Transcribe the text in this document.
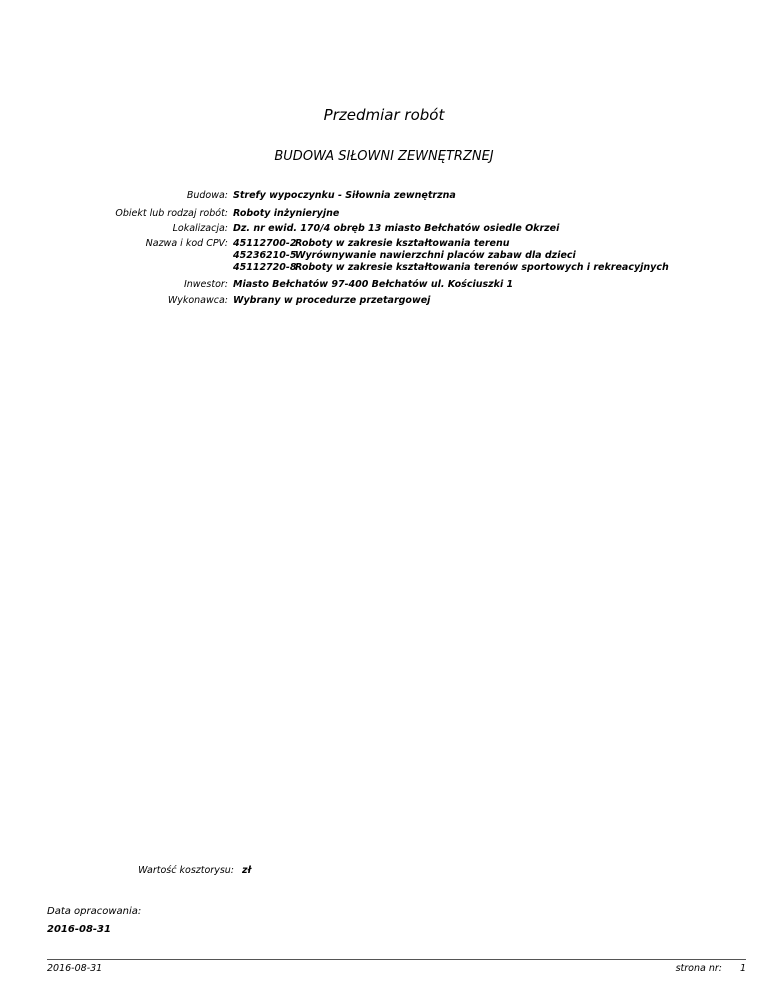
Przedmiar robót
BUDOWA SIŁOWNI ZEWNĘTRZNEJ
Budowa: Strefy wypoczynku - Siłownia zewnętrzna
Obiekt lub rodzaj robót: Roboty inżynieryjne
Lokalizacja: Dz. nr ewid. 170/4 obręb 13 miasto Bełchatów osiedle Okrzei
Nazwa i kod CPV: 45112700-2Roboty w zakresie kształtowania terenu
45236210-5Wyrównywanie nawierzchni placów zabaw dla dzieci
45112720-8Roboty w zakresie kształtowania terenów sportowych i rekreacyjnych
Inwestor: Miasto Bełchatów 97-400 Bełchatów ul. Kościuszki 1
Wykonawca: Wybrany w procedurze przetargowej
Wartość kosztorysu: zł
Data opracowania:
2016-08-31
2016-08-31	strona nr: 1
